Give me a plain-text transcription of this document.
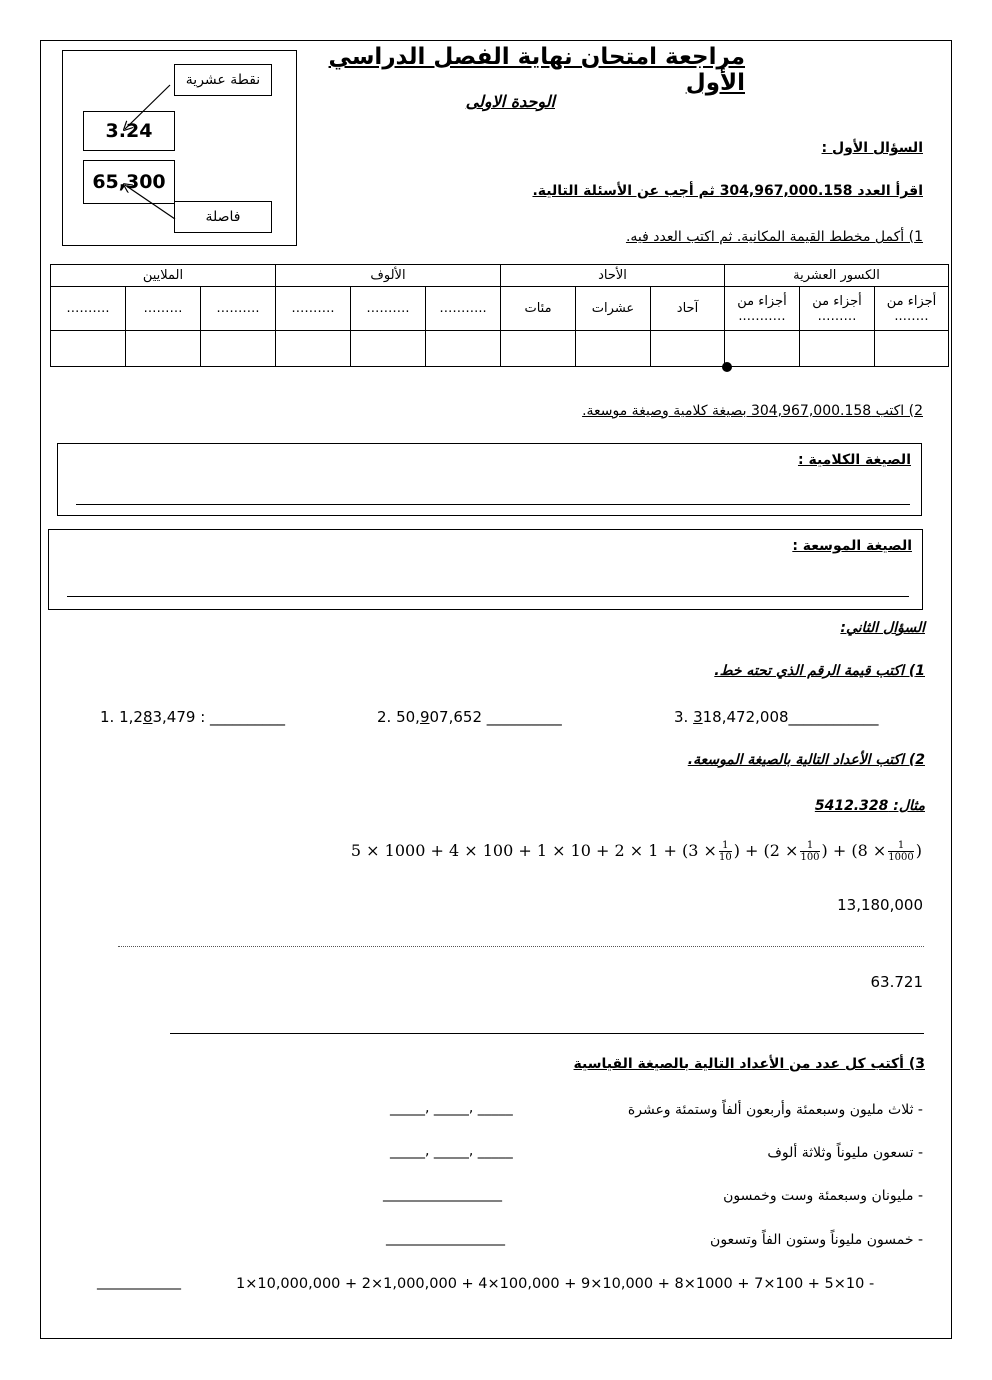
نقطة عشرية
3.24
65,300
فاصلة
مراجعة امتحان نهاية الفصل الدراسي الأول
الوحدة الاولى
السؤال الأول :
اقرأ العدد 304,967,000.158 ثم أجب عن الأسئلة التالية.
1) أكمل مخطط القيمة المكانية. ثم اكتب العدد فيه.
الملايين			الألوف			الأحاد			الكسور العشرية		
……….	………	……….	……….	……….	………..	مئات	عشرات	آحاد	أجزاء من ………..	أجزاء من ………	أجزاء من ……..

2) اكتب 304,967,000.158 بصيغة كلامية وصيغة موسعة.
الصيغة الكلامية :
الصيغة الموسعة :
السؤال الثاني:
1) اكتب قيمة الرقم الذي تحته خط.
1. 1,283,479 : __________	2. 50,907,652 __________	3. 318,472,008____________
2) اكتب الأعداد التالية بالصيغة الموسعة.
مثال: 5412.328
$5 \times 1000 + 4 \times 100 + 1 \times 10 + 2 \times 1 + (3 \times \frac{1}{10}$ ) + ($2 \times \frac{1}{100}$ ) + ($8 \times \frac{1}{1000}$ )
13,180,000
63.721
3) أكتب كل عدد من الأعداد التالية بالصيغة القياسية
- ثلاث مليون وسبعمئة وأربعون ألفاً وستمئة وعشرة
_____, _____, _____
- تسعون مليوناً وثلاثة ألوف
_____, _____, _____
- مليونان وسبعمئة وست وخمسون
_________________
- خمسون مليوناً وستون الفاً وتسعون
_________________
1×10,000,000 + 2×1,000,000 + 4×100,000 + 9×10,000 + 8×1000 + 7×100 + 5×10 -
____________
